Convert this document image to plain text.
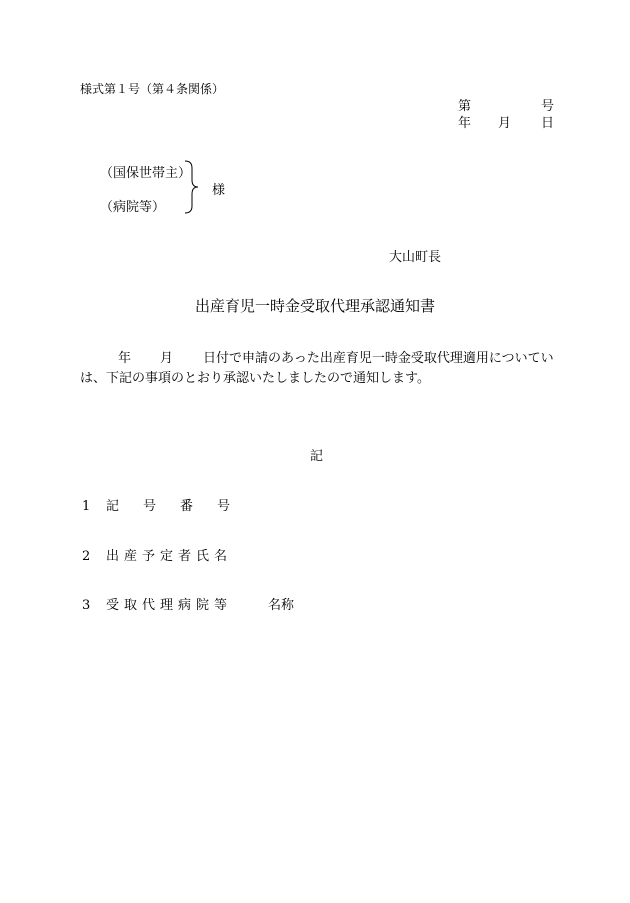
様式第１号（第４条関係）
第	号
年 月 日
（国保世帯主）
（病院等）
様
大山町長
出産育児一時金受取代理承認通知書
年 月 日付で申請のあった出産育児一時金受取代理適用についてい
は、下記の事項のとおり承認いたしましたので通知します。
記
1 記号番号
2 出産予定者氏名
3 受取代理病院等	名称
